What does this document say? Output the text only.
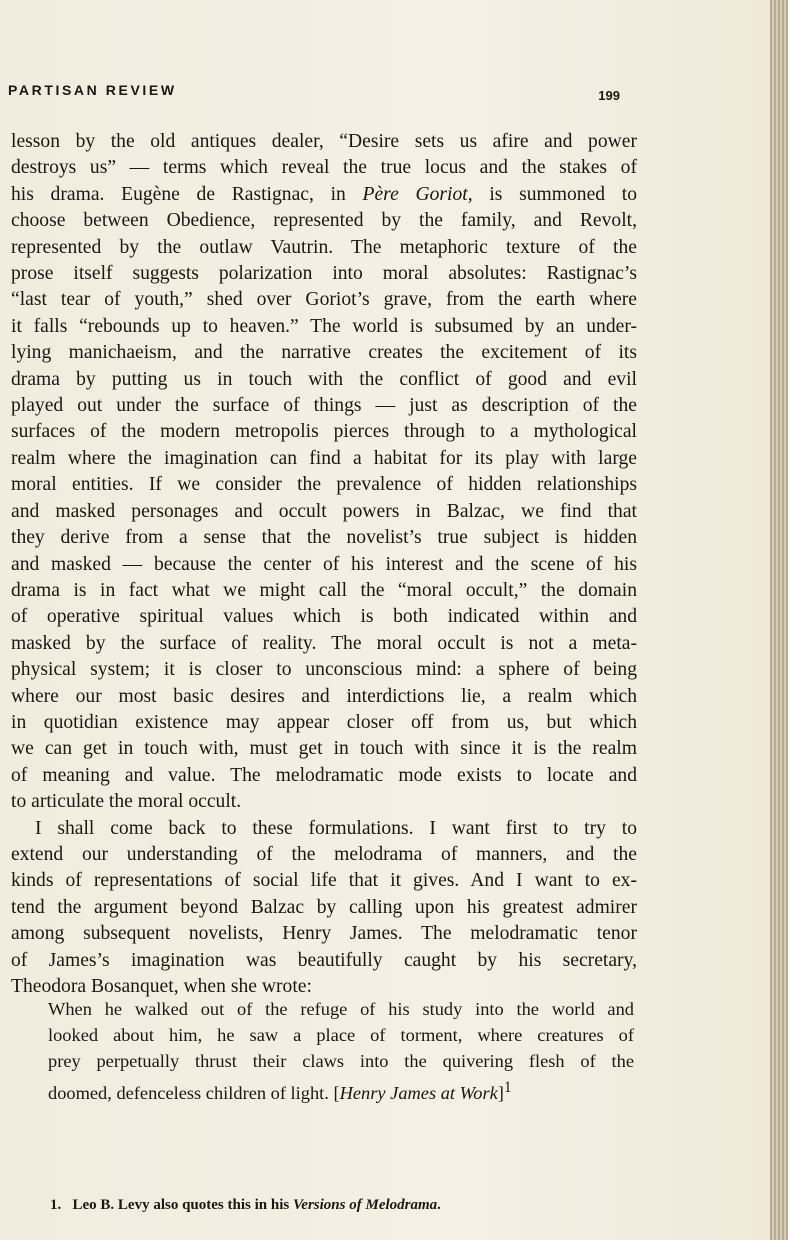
PARTISAN REVIEW	199

lesson by the old antiques dealer, “Desire sets us afire and power
destroys us” — terms which reveal the true locus and the stakes of
his drama. Eugène de Rastignac, in Père Goriot, is summoned to
choose between Obedience, represented by the family, and Revolt,
represented by the outlaw Vautrin. The metaphoric texture of the
prose itself suggests polarization into moral absolutes: Rastignac’s
“last tear of youth,” shed over Goriot’s grave, from the earth where
it falls “rebounds up to heaven.” The world is subsumed by an under-
lying manichaeism, and the narrative creates the excitement of its
drama by putting us in touch with the conflict of good and evil
played out under the surface of things — just as description of the
surfaces of the modern metropolis pierces through to a mythological
realm where the imagination can find a habitat for its play with large
moral entities. If we consider the prevalence of hidden relationships
and masked personages and occult powers in Balzac, we find that
they derive from a sense that the novelist’s true subject is hidden
and masked — because the center of his interest and the scene of his
drama is in fact what we might call the “moral occult,” the domain
of operative spiritual values which is both indicated within and
masked by the surface of reality. The moral occult is not a meta-
physical system; it is closer to unconscious mind: a sphere of being
where our most basic desires and interdictions lie, a realm which
in quotidian existence may appear closer off from us, but which
we can get in touch with, must get in touch with since it is the realm
of meaning and value. The melodramatic mode exists to locate and
to articulate the moral occult.

I shall come back to these formulations. I want first to try to
extend our understanding of the melodrama of manners, and the
kinds of representations of social life that it gives. And I want to ex-
tend the argument beyond Balzac by calling upon his greatest admirer
among subsequent novelists, Henry James. The melodramatic tenor
of James’s imagination was beautifully caught by his secretary,
Theodora Bosanquet, when she wrote:

When he walked out of the refuge of his study into the world and
looked about him, he saw a place of torment, where creatures of
prey perpetually thrust their claws into the quivering flesh of the
doomed, defenceless children of light. [Henry James at Work]$^1$
1. Leo B. Levy also quotes this in his Versions of Melodrama.
